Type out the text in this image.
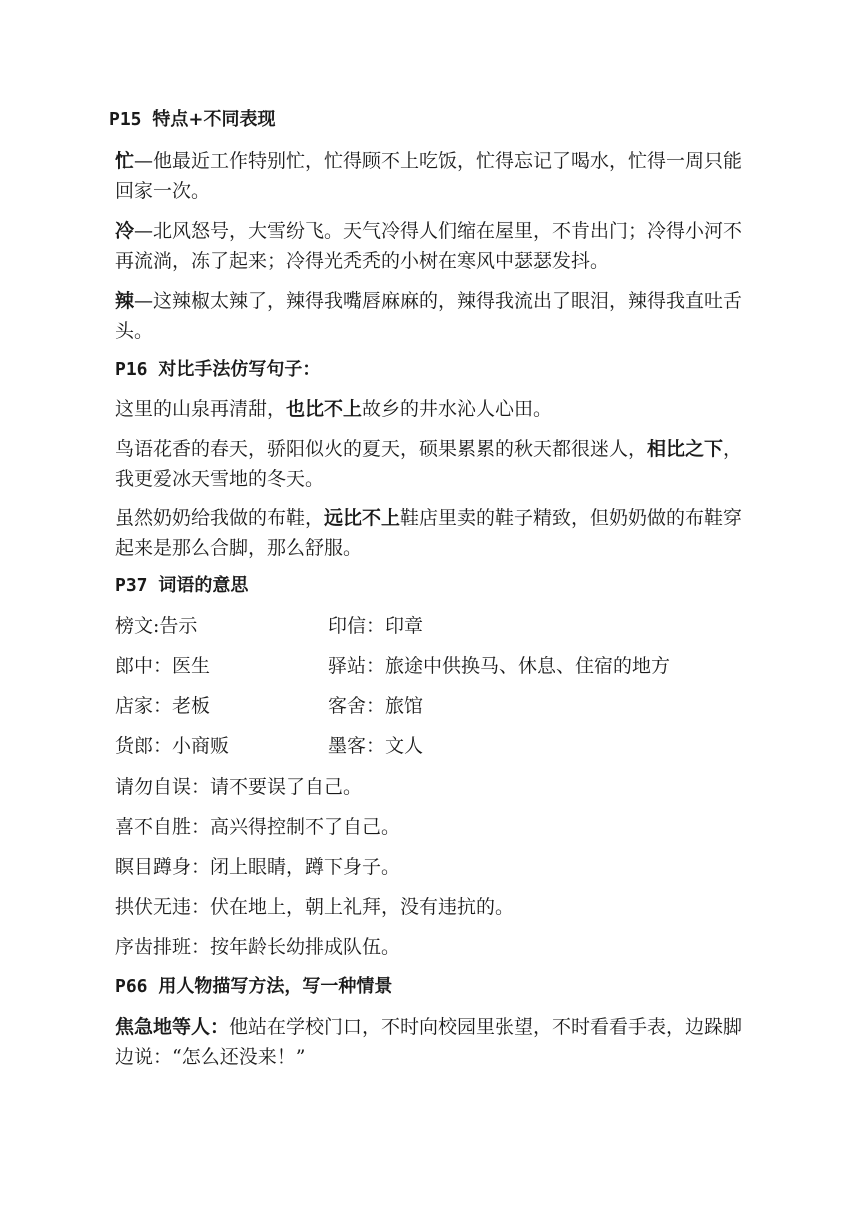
P15 特点+不同表现
忙—他最近工作特别忙，忙得顾不上吃饭，忙得忘记了喝水，忙得一周只能回家一次。
冷—北风怒号，大雪纷飞。天气冷得人们缩在屋里，不肯出门；冷得小河不再流淌，冻了起来；冷得光秃秃的小树在寒风中瑟瑟发抖。
辣—这辣椒太辣了，辣得我嘴唇麻麻的，辣得我流出了眼泪，辣得我直吐舌头。
P16 对比手法仿写句子：
这里的山泉再清甜，也比不上故乡的井水沁人心田。
鸟语花香的春天，骄阳似火的夏天，硕果累累的秋天都很迷人，相比之下，我更爱冰天雪地的冬天。
虽然奶奶给我做的布鞋，远比不上鞋店里卖的鞋子精致，但奶奶做的布鞋穿起来是那么合脚，那么舒服。
P37 词语的意思
榜文:告示	印信：印章
郎中：医生	驿站：旅途中供换马、休息、住宿的地方
店家：老板	客舍：旅馆
货郎：小商贩	墨客：文人
请勿自误：请不要误了自己。
喜不自胜：高兴得控制不了自己。
瞑目蹲身：闭上眼睛，蹲下身子。
拱伏无违：伏在地上，朝上礼拜，没有违抗的。
序齿排班：按年龄长幼排成队伍。
P66 用人物描写方法，写一种情景
焦急地等人：他站在学校门口，不时向校园里张望，不时看看手表，边跺脚边说：“怎么还没来！”
